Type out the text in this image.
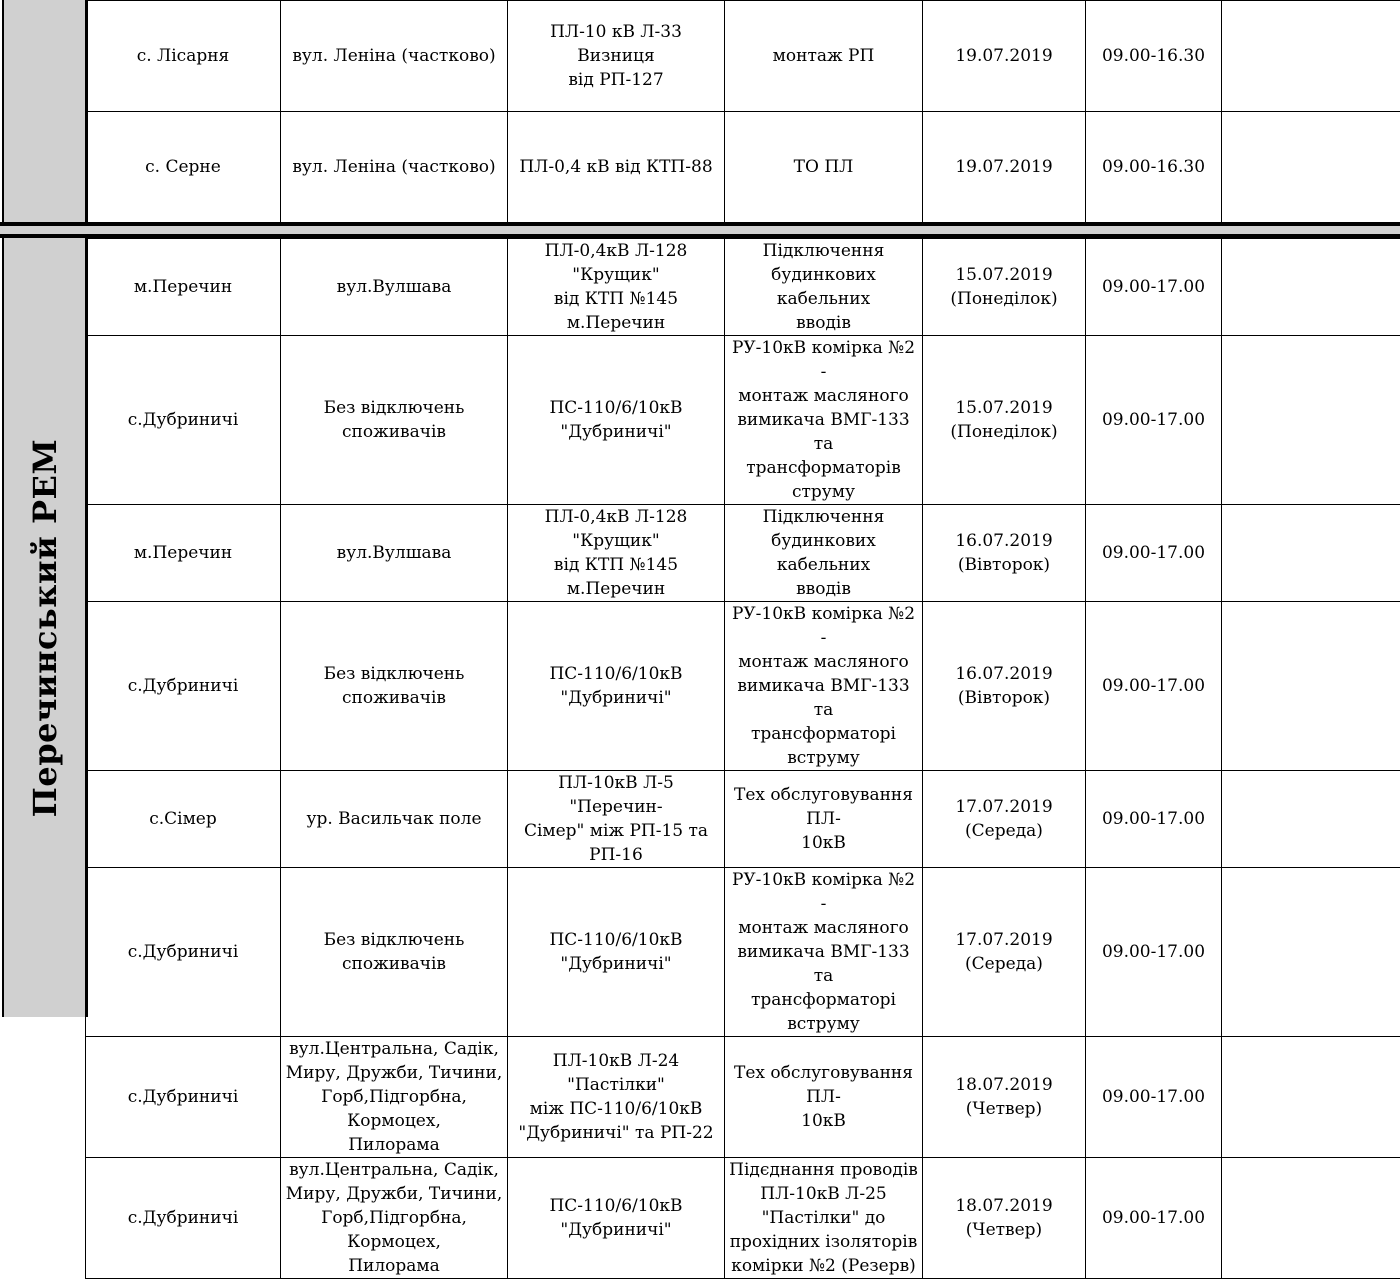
с. Лісарня	вул. Леніна (частково)	ПЛ-10 кВ Л-33 Визниця
від РП-127	монтаж РП	19.07.2019	09.00-16.30	

с. Серне	вул. Леніна (частково)	ПЛ-0,4 кВ від КТП-88	ТО ПЛ	19.07.2019	09.00-16.30	

Перечинський РЕМ
м.Перечин	вул.Вулшава	ПЛ-0,4кВ Л-128 "Крущик"
від КТП №145 м.Перечин	Підключення
будинкових кабельних
вводів	15.07.2019
(Понеділок)	09.00-17.00	

с.Дубриничі	Без відключень споживачів	ПС-110/6/10кВ
"Дубриничі"	РУ-10кВ комірка №2 -
монтаж масляного
вимикача ВМГ-133 та
трансформаторів
струму	15.07.2019
(Понеділок)	09.00-17.00	

м.Перечин	вул.Вулшава	ПЛ-0,4кВ Л-128 "Крущик"
від КТП №145 м.Перечин	Підключення
будинкових кабельних
вводів	16.07.2019
(Вівторок)	09.00-17.00	

с.Дубриничі	Без відключень споживачів	ПС-110/6/10кВ
"Дубриничі"	РУ-10кВ комірка №2 -
монтаж масляного
вимикача ВМГ-133 та
трансформаторі
вструму	16.07.2019
(Вівторок)	09.00-17.00	

с.Сімер	ур. Васильчак поле	ПЛ-10кВ Л-5 "Перечин-
Сімер" між РП-15 та РП-16	Тех обслуговування ПЛ-
10кВ	17.07.2019
(Середа)	09.00-17.00	

с.Дубриничі	Без відключень споживачів	ПС-110/6/10кВ
"Дубриничі"	РУ-10кВ комірка №2 -
монтаж масляного
вимикача ВМГ-133 та
трансформаторі
вструму	17.07.2019
(Середа)	09.00-17.00	

с.Дубриничі	вул.Центральна, Садік,
Миру, Дружби, Тичини,
Горб,Підгорбна, Кормоцех,
Пилорама	ПЛ-10кВ Л-24 "Пастілки"
між ПС-110/6/10кВ
"Дубриничі" та РП-22	Тех обслуговування ПЛ-
10кВ	18.07.2019
(Четвер)	09.00-17.00	

с.Дубриничі	вул.Центральна, Садік,
Миру, Дружби, Тичини,
Горб,Підгорбна, Кормоцех,
Пилорама	ПС-110/6/10кВ
"Дубриничі"	Підєднання проводів
ПЛ-10кВ Л-25
"Пастілки" до
прохідних ізоляторів
комірки №2 (Резерв)	18.07.2019
(Четвер)	09.00-17.00	
